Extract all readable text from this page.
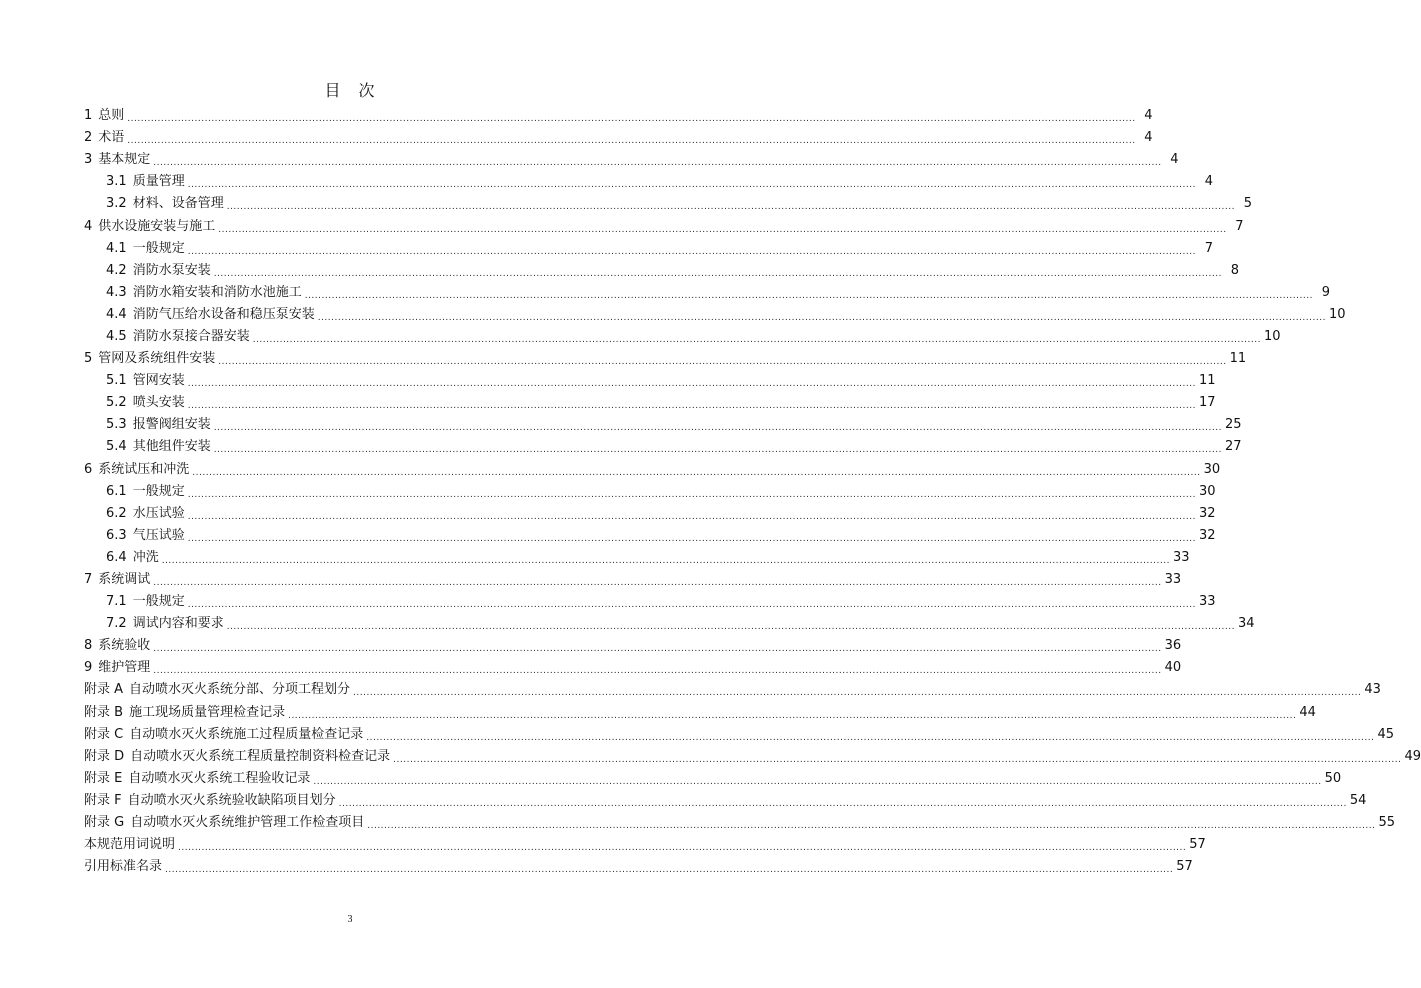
目　次
1 总则 ............................................................................................................................................................................................................................................................................................................ 4
2 术语 ............................................................................................................................................................................................................................................................................................................ 4
3 基本规定 ............................................................................................................................................................................................................................................................................................................ 4
3.1 质量管理 ............................................................................................................................................................................................................................................................................................................ 4
3.2 材料、设备管理 ............................................................................................................................................................................................................................................................................................................ 5
4 供水设施安装与施工 ............................................................................................................................................................................................................................................................................................................ 7
4.1 一般规定 ............................................................................................................................................................................................................................................................................................................ 7
4.2 消防水泵安装 ............................................................................................................................................................................................................................................................................................................ 8
4.3 消防水箱安装和消防水池施工 ............................................................................................................................................................................................................................................................................................................ 9
4.4 消防气压给水设备和稳压泵安装 ............................................................................................................................................................................................................................................................................................................ 10
4.5 消防水泵接合器安装 ............................................................................................................................................................................................................................................................................................................ 10
5 管网及系统组件安装 ............................................................................................................................................................................................................................................................................................................ 11
5.1 管网安装 ............................................................................................................................................................................................................................................................................................................ 11
5.2 喷头安装 ............................................................................................................................................................................................................................................................................................................ 17
5.3 报警阀组安装 ............................................................................................................................................................................................................................................................................................................ 25
5.4 其他组件安装 ............................................................................................................................................................................................................................................................................................................ 27
6 系统试压和冲洗 ............................................................................................................................................................................................................................................................................................................ 30
6.1 一般规定 ............................................................................................................................................................................................................................................................................................................ 30
6.2 水压试验 ............................................................................................................................................................................................................................................................................................................ 32
6.3 气压试验 ............................................................................................................................................................................................................................................................................................................ 32
6.4 冲洗 ............................................................................................................................................................................................................................................................................................................ 33
7 系统调试 ............................................................................................................................................................................................................................................................................................................ 33
7.1 一般规定 ............................................................................................................................................................................................................................................................................................................ 33
7.2 调试内容和要求 ............................................................................................................................................................................................................................................................................................................ 34
8 系统验收 ............................................................................................................................................................................................................................................................................................................ 36
9 维护管理 ............................................................................................................................................................................................................................................................................................................ 40
附录 A 自动喷水灭火系统分部、分项工程划分 ............................................................................................................................................................................................................................................................................................................ 43
附录 B 施工现场质量管理检查记录 ............................................................................................................................................................................................................................................................................................................ 44
附录 C 自动喷水灭火系统施工过程质量检查记录 ............................................................................................................................................................................................................................................................................................................ 45
附录 D 自动喷水灭火系统工程质量控制资料检查记录 ............................................................................................................................................................................................................................................................................................................ 49
附录 E 自动喷水灭火系统工程验收记录 ............................................................................................................................................................................................................................................................................................................ 50
附录 F 自动喷水灭火系统验收缺陷项目划分 ............................................................................................................................................................................................................................................................................................................ 54
附录 G 自动喷水灭火系统维护管理工作检查项目 ............................................................................................................................................................................................................................................................................................................ 55
本规范用词说明 ............................................................................................................................................................................................................................................................................................................ 57
引用标准名录 ............................................................................................................................................................................................................................................................................................................ 57
3
